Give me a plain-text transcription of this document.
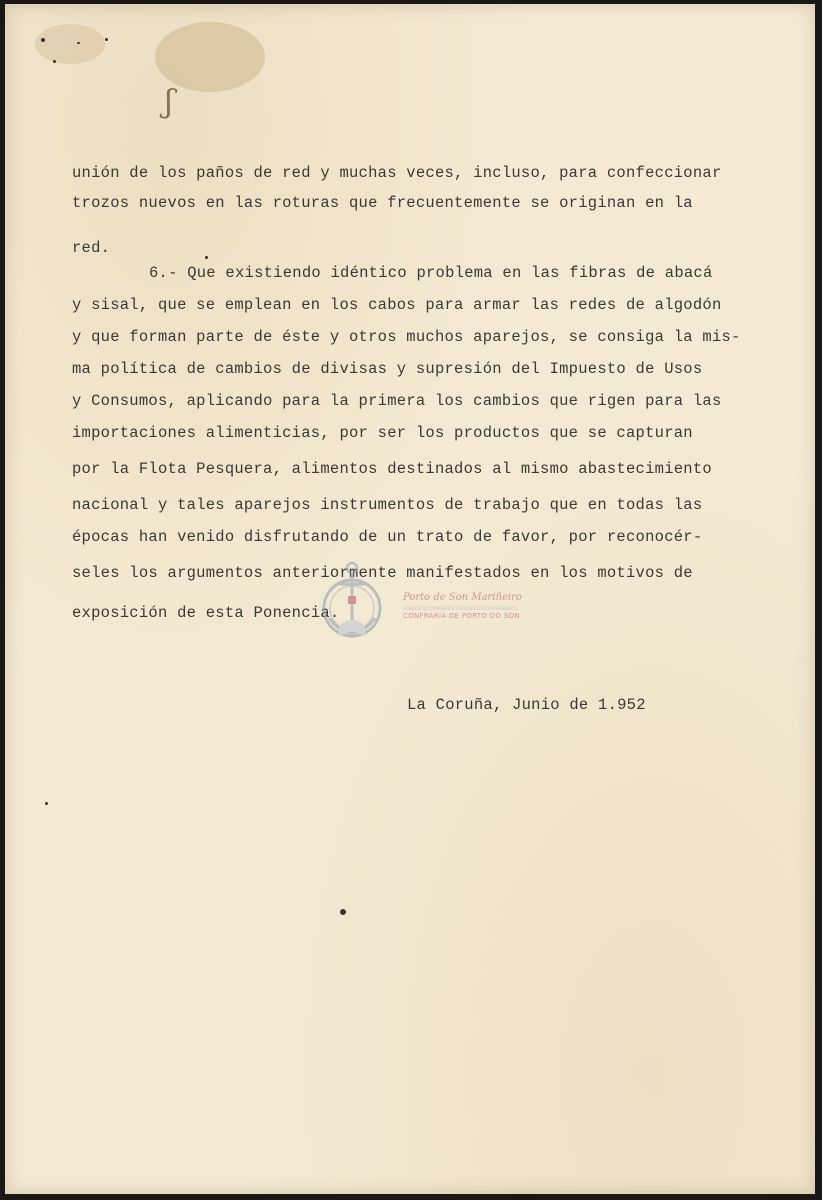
ʃ
unión de los paños de red y muchas veces, incluso, para confeccionar
trozos nuevos en las roturas que frecuentemente se originan en la
red.
6.- Que existiendo idéntico problema en las fibras de abacá
y sisal, que se emplean en los cabos para armar las redes de algodón
y que forman parte de éste y otros muchos aparejos, se consiga la mis-
ma política de cambios de divisas y supresión del Impuesto de Usos
y Consumos, aplicando para la primera los cambios que rigen para las
importaciones alimenticias, por ser los productos que se capturan
por la Flota Pesquera, alimentos destinados al mismo abastecimiento
nacional y tales aparejos instrumentos de trabajo que en todas las
épocas han venido disfrutando de un trato de favor, por reconocér-
seles los argumentos anteriormente manifestados en los motivos de
exposición de esta Ponencia.
La Coruña, Junio de 1.952
Porto de Son Mariñeiro
FONDOS DOCUMENTAIS HISTÓRICOS DIXITALIZADOS
CONFRARÍA DE PORTO DO SON
